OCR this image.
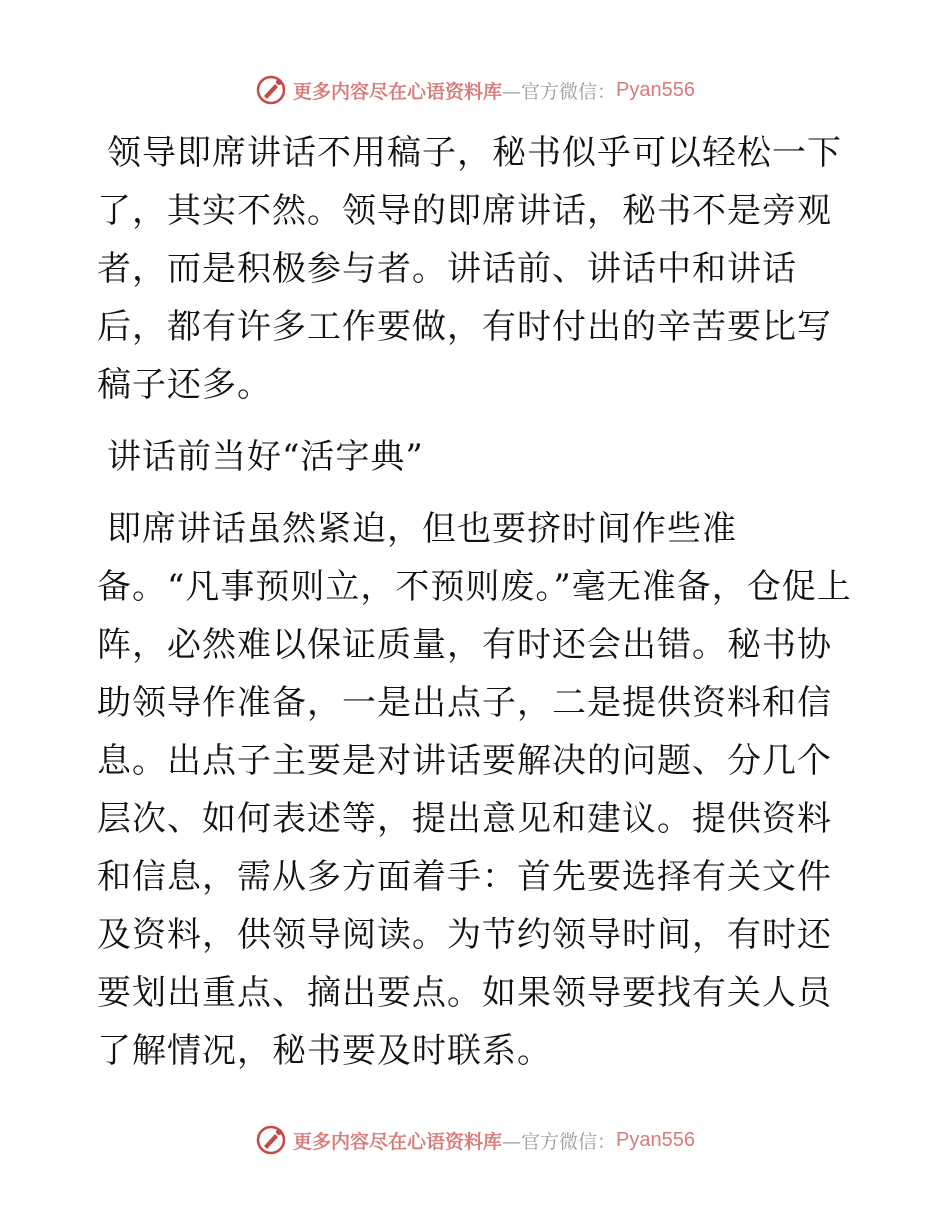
更多内容尽在心语资料库 —官方微信： Pyan556

领导即席讲话不用稿子，秘书似乎可以轻松一下了，其实不然。领导的即席讲话，秘书不是旁观者，而是积极参与者。讲话前、讲话中和讲话后，都有许多工作要做，有时付出的辛苦要比写稿子还多。

讲话前当好“活字典”

即席讲话虽然紧迫，但也要挤时间作些准

备。“凡事预则立，不预则废。”毫无准备，仓促上阵，必然难以保证质量，有时还会出错。秘书协助领导作准备，一是出点子，二是提供资料和信息。出点子主要是对讲话要解决的问题、分几个层次、如何表述等，提出意见和建议。提供资料和信息，需从多方面着手：首先要选择有关文件及资料，供领导阅读。为节约领导时间，有时还要划出重点、摘出要点。如果领导要找有关人员了解情况，秘书要及时联系。

更多内容尽在心语资料库 —官方微信： Pyan556
